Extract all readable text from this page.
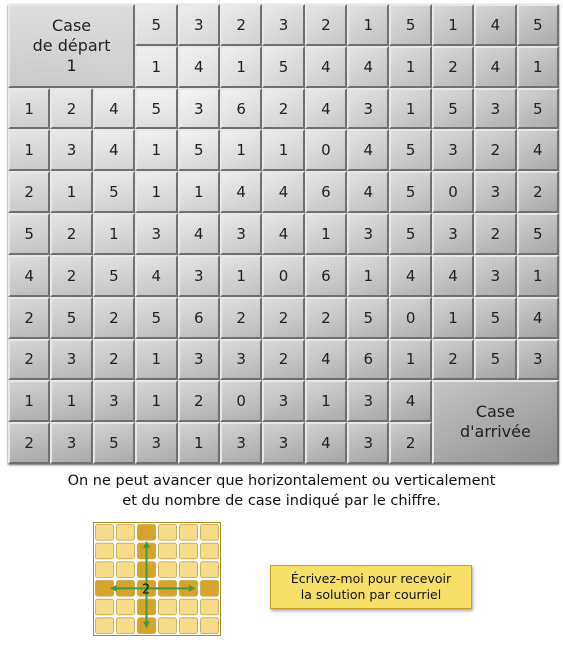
Case
de départ
1
Case
d'arrivée
5	3	2	3	2	1	5	1	4	5
1	4	1	5	4	4	1	2	4	1
1	2	4	5	3	6	2	4	3	1	5	3	5
1	3	4	1	5	1	1	0	4	5	3	2	4
2	1	5	1	1	4	4	6	4	5	0	3	2
5	2	1	3	4	3	4	1	3	5	3	2	5
4	2	5	4	3	1	0	6	1	4	4	3	1
2	5	2	5	6	2	2	2	5	0	1	5	4
2	3	2	1	3	3	2	4	6	1	2	5	3
1	1	3	1	2	0	3	1	3	4
2	3	5	3	1	3	3	4	3	2
On ne peut avancer que horizontalement ou verticalement
et du nombre de case indiqué par le chiffre.
2
Écrivez-moi pour recevoir
la solution par courriel
